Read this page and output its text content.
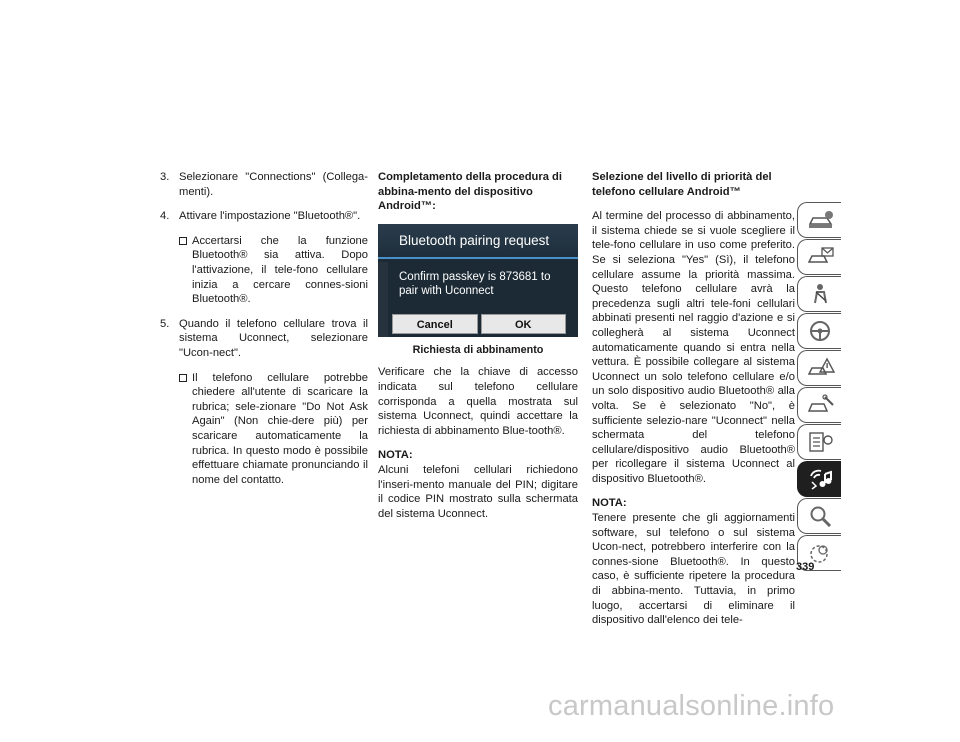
3. Selezionare "Connections" (Collega-menti).
4. Attivare l'impostazione "Bluetooth®".
Accertarsi che la funzione Bluetooth® sia attiva. Dopo l'attivazione, il tele-fono cellulare inizia a cercare connes-sioni Bluetooth®.
5. Quando il telefono cellulare trova il sistema Uconnect, selezionare "Ucon-nect".
Il telefono cellulare potrebbe chiedere all'utente di scaricare la rubrica; sele-zionare "Do Not Ask Again" (Non chie-dere più) per scaricare automaticamente la rubrica. In questo modo è possibile effettuare chiamate pronunciando il nome del contatto.
Completamento della procedura di abbina-mento del dispositivo Android™:
Bluetooth pairing request
Confirm passkey is 873681 to pair with Uconnect
Cancel	OK
Richiesta di abbinamento

Verificare che la chiave di accesso indicata sul telefono cellulare corrisponda a quella mostrata sul sistema Uconnect, quindi accettare la richiesta di abbinamento Blue-tooth®.

NOTA:
Alcuni telefoni cellulari richiedono l'inseri-mento manuale del PIN; digitare il codice PIN mostrato sulla schermata del sistema Uconnect.
Selezione del livello di priorità del telefono cellulare Android™

Al termine del processo di abbinamento, il sistema chiede se si vuole scegliere il tele-fono cellulare in uso come preferito. Se si seleziona "Yes" (Sì), il telefono cellulare assume la priorità massima. Questo telefono cellulare avrà la precedenza sugli altri tele-foni cellulari abbinati presenti nel raggio d'azione e si collegherà al sistema Uconnect automaticamente quando si entra nella vettura. È possibile collegare al sistema Uconnect un solo telefono cellulare e/o un solo dispositivo audio Bluetooth® alla volta. Se è selezionato "No", è sufficiente selezio-nare "Uconnect" nella schermata del telefono cellulare/dispositivo audio Bluetooth® per ricollegare il sistema Uconnect al dispositivo Bluetooth®.

NOTA:
Tenere presente che gli aggiornamenti software, sul telefono o sul sistema Ucon-nect, potrebbero interferire con la connes-sione Bluetooth®. In questo caso, è sufficiente ripetere la procedura di abbina-mento. Tuttavia, in primo luogo, accertarsi di eliminare il dispositivo dall'elenco dei tele-
339
carmanualsonline.info
